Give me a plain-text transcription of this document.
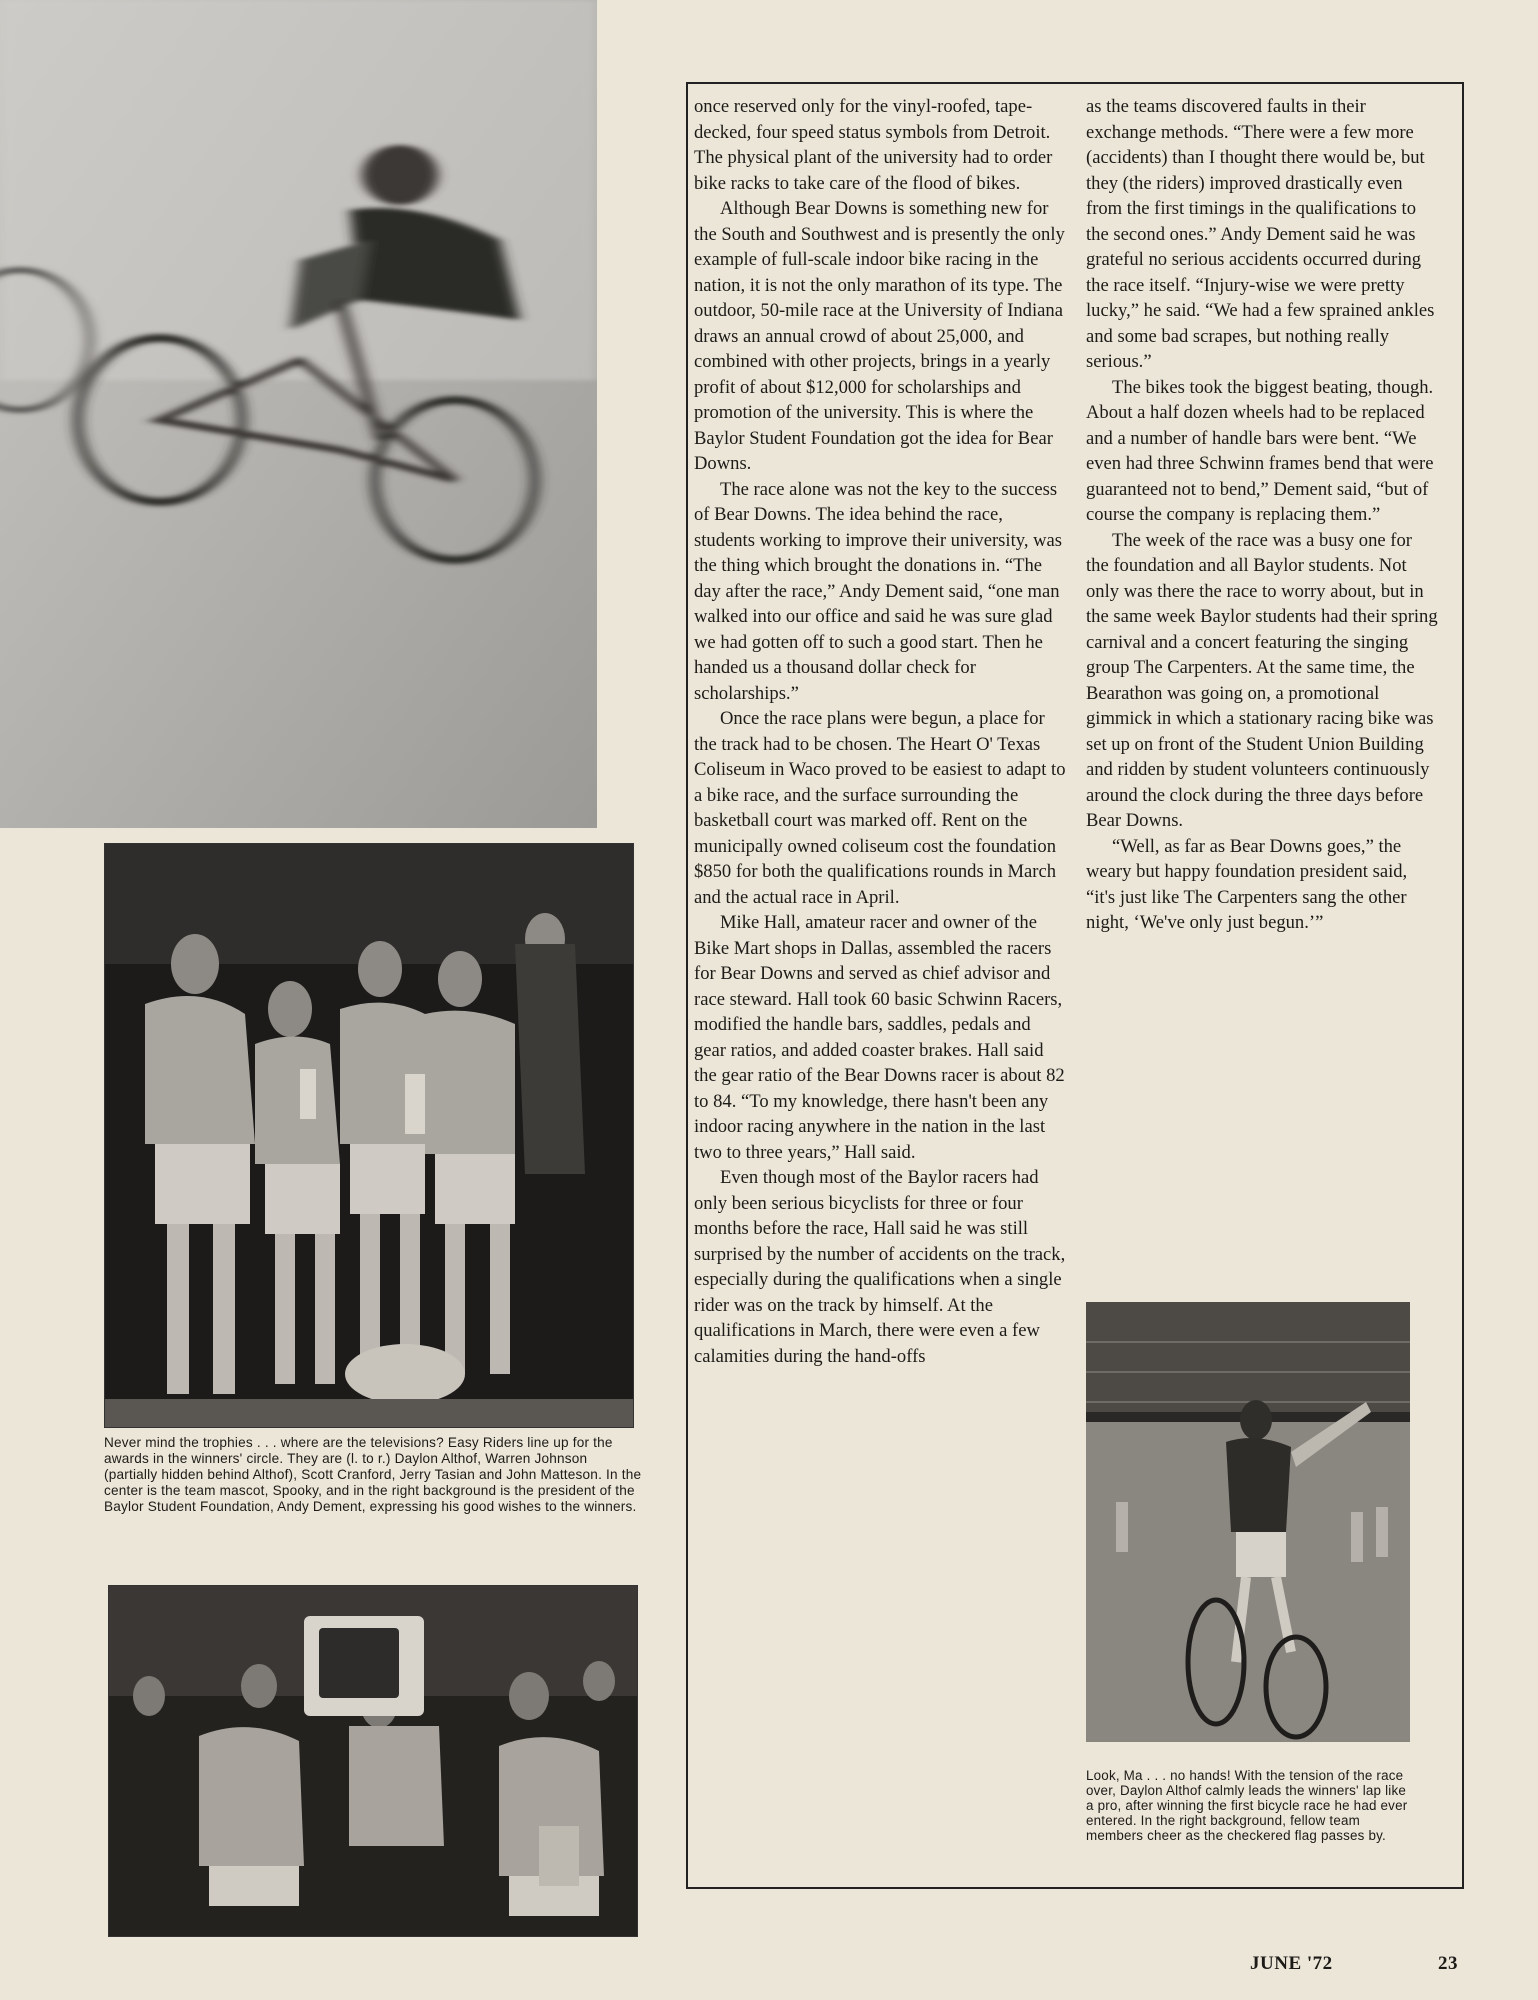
Never mind the trophies . . . where are the televisions? Easy Riders line up for the awards in the winners' circle. They are (l. to r.) Daylon Althof, Warren Johnson (partially hidden behind Althof), Scott Cranford, Jerry Tasian and John Matteson. In the center is the team mascot, Spooky, and in the right background is the president of the Baylor Student Foundation, Andy Dement, expressing his good wishes to the winners.

once reserved only for the vinyl-roofed, tape-decked, four speed status symbols from Detroit. The physical plant of the university had to order bike racks to take care of the flood of bikes.

Although Bear Downs is something new for the South and Southwest and is presently the only example of full-scale indoor bike racing in the nation, it is not the only marathon of its type. The outdoor, 50-mile race at the University of Indiana draws an annual crowd of about 25,000, and combined with other projects, brings in a yearly profit of about $12,000 for scholarships and promotion of the university. This is where the Baylor Student Foundation got the idea for Bear Downs.

The race alone was not the key to the success of Bear Downs. The idea behind the race, students working to improve their university, was the thing which brought the donations in. “The day after the race,” Andy Dement said, “one man walked into our office and said he was sure glad we had gotten off to such a good start. Then he handed us a thousand dollar check for scholarships.”

Once the race plans were begun, a place for the track had to be chosen. The Heart O' Texas Coliseum in Waco proved to be easiest to adapt to a bike race, and the surface surrounding the basketball court was marked off. Rent on the municipally owned coliseum cost the foundation $850 for both the qualifications rounds in March and the actual race in April.

Mike Hall, amateur racer and owner of the Bike Mart shops in Dallas, assembled the racers for Bear Downs and served as chief advisor and race steward. Hall took 60 basic Schwinn Racers, modified the handle bars, saddles, pedals and gear ratios, and added coaster brakes. Hall said the gear ratio of the Bear Downs racer is about 82 to 84. “To my knowledge, there hasn't been any indoor racing anywhere in the nation in the last two to three years,” Hall said.

Even though most of the Baylor racers had only been serious bicyclists for three or four months before the race, Hall said he was still surprised by the number of accidents on the track, especially during the qualifications when a single rider was on the track by himself. At the qualifications in March, there were even a few calamities during the hand-offs

as the teams discovered faults in their exchange methods. “There were a few more (accidents) than I thought there would be, but they (the riders) improved drastically even from the first timings in the qualifications to the second ones.” Andy Dement said he was grateful no serious accidents occurred during the race itself. “Injury-wise we were pretty lucky,” he said. “We had a few sprained ankles and some bad scrapes, but nothing really serious.”

The bikes took the biggest beating, though. About a half dozen wheels had to be replaced and a number of handle bars were bent. “We even had three Schwinn frames bend that were guaranteed not to bend,” Dement said, “but of course the company is replacing them.”

The week of the race was a busy one for the foundation and all Baylor students. Not only was there the race to worry about, but in the same week Baylor students had their spring carnival and a concert featuring the singing group The Carpenters. At the same time, the Bearathon was going on, a promotional gimmick in which a stationary racing bike was set up on front of the Student Union Building and ridden by student volunteers continuously around the clock during the three days before Bear Downs.

“Well, as far as Bear Downs goes,” the weary but happy foundation president said, “it's just like The Carpenters sang the other night, ‘We've only just begun.’”

Look, Ma . . . no hands! With the tension of the race over, Daylon Althof calmly leads the winners' lap like a pro, after winning the first bicycle race he had ever entered. In the right background, fellow team members cheer as the checkered flag passes by.
JUNE '72	23
